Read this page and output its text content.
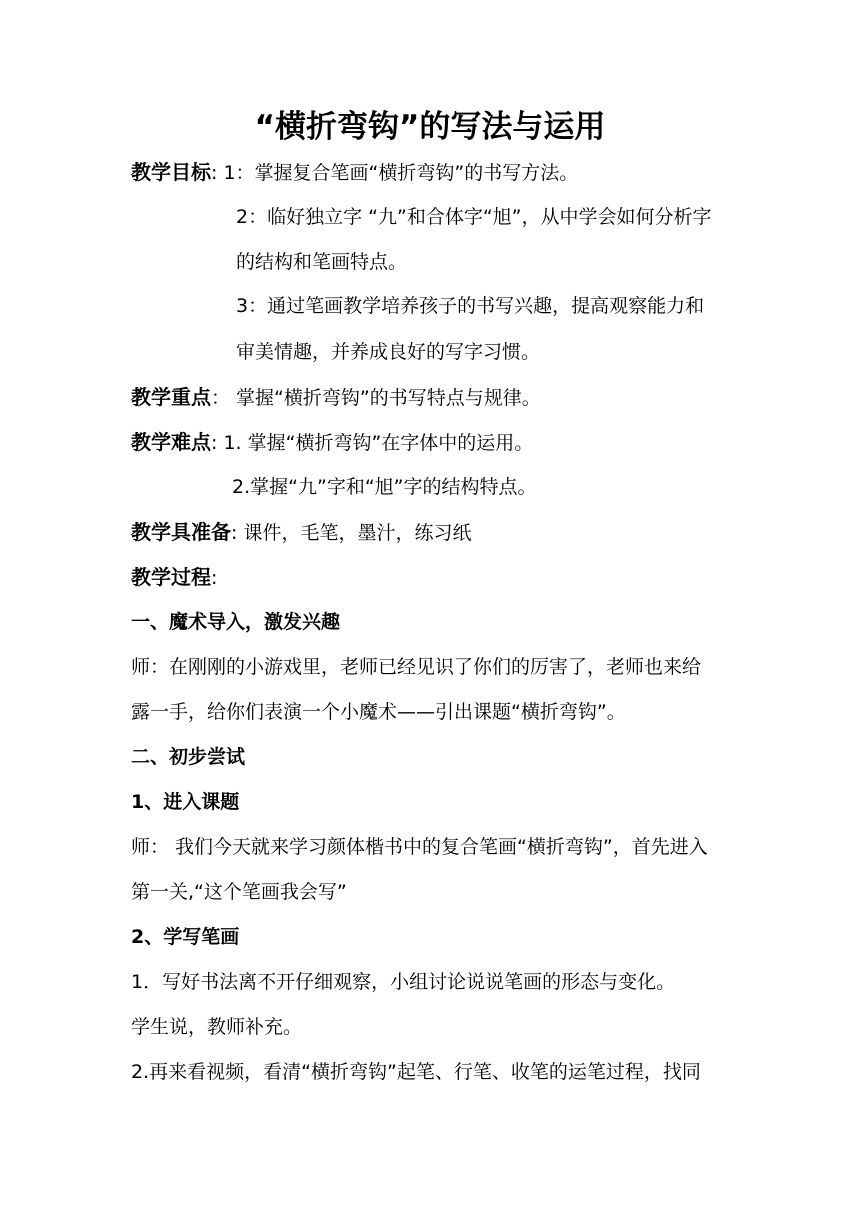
“横折弯钩”的写法与运用
教学目标: 1：掌握复合笔画“横折弯钩”的书写方法。
2：临好独立字 “九”和合体字“旭”，从中学会如何分析字
的结构和笔画特点。
3：通过笔画教学培养孩子的书写兴趣，提高观察能力和
审美情趣，并养成良好的写字习惯。
教学重点： 掌握“横折弯钩”的书写特点与规律。
教学难点: 1. 掌握“横折弯钩”在字体中的运用。
2.掌握“九”字和“旭”字的结构特点。
教学具准备: 课件，毛笔，墨汁，练习纸
教学过程:
一、魔术导入，激发兴趣
师：在刚刚的小游戏里，老师已经见识了你们的厉害了，老师也来给
露一手，给你们表演一个小魔术——引出课题“横折弯钩”。
二、初步尝试
1、进入课题
师： 我们今天就来学习颜体楷书中的复合笔画“横折弯钩”，首先进入
第一关,“这个笔画我会写”
2、学写笔画
1．写好书法离不开仔细观察，小组讨论说说笔画的形态与变化。
学生说，教师补充。
2.再来看视频，看清“横折弯钩”起笔、行笔、收笔的运笔过程，找同
